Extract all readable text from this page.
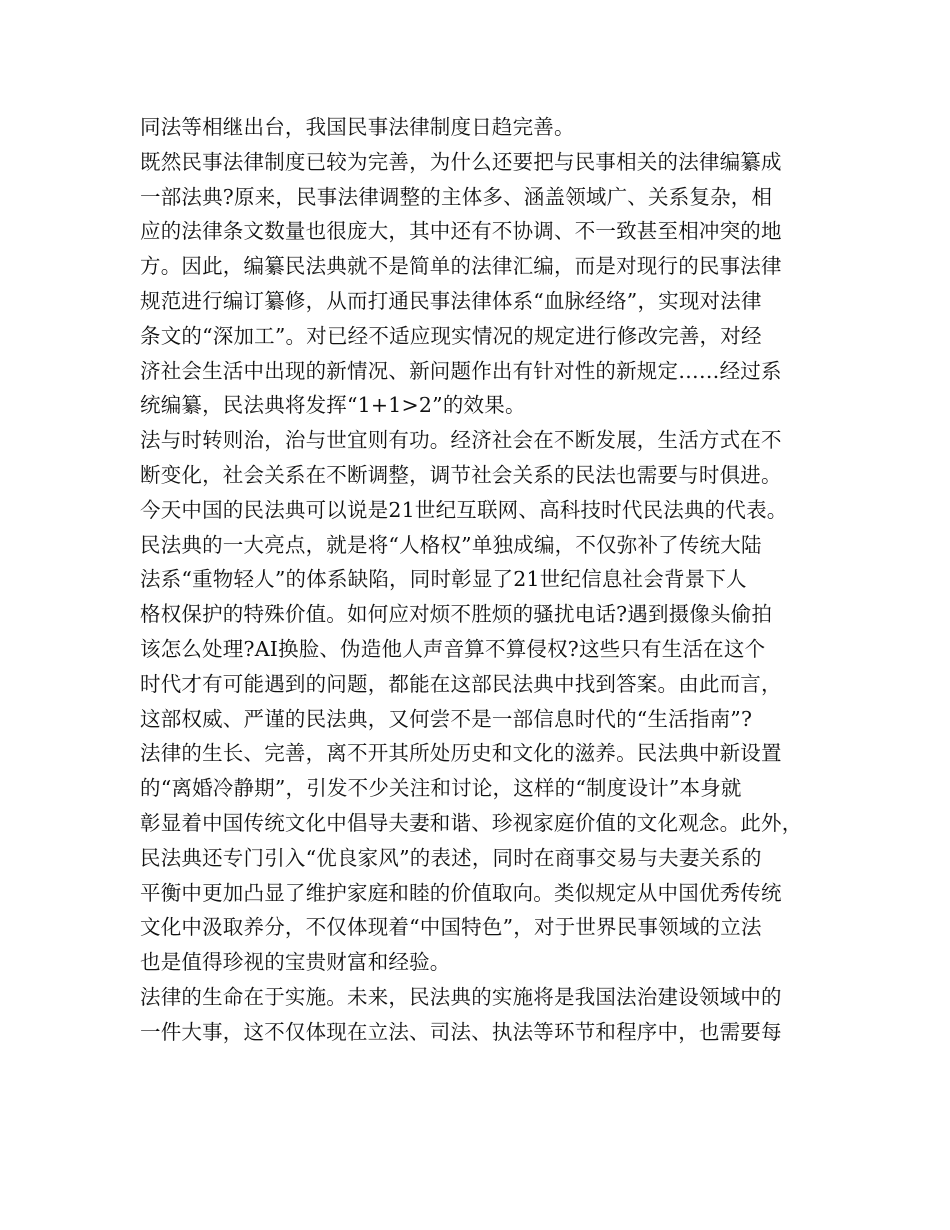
同法等相继出台，我国民事法律制度日趋完善。
既然民事法律制度已较为完善，为什么还要把与民事相关的法律编纂成
一部法典?原来，民事法律调整的主体多、涵盖领域广、关系复杂，相
应的法律条文数量也很庞大，其中还有不协调、不一致甚至相冲突的地
方。因此，编纂民法典就不是简单的法律汇编，而是对现行的民事法律
规范进行编订纂修，从而打通民事法律体系“血脉经络”，实现对法律
条文的“深加工”。对已经不适应现实情况的规定进行修改完善，对经
济社会生活中出现的新情况、新问题作出有针对性的新规定……经过系
统编纂，民法典将发挥“1+1>2”的效果。
法与时转则治，治与世宜则有功。经济社会在不断发展，生活方式在不
断变化，社会关系在不断调整，调节社会关系的民法也需要与时俱进。
今天中国的民法典可以说是21世纪互联网、高科技时代民法典的代表。
民法典的一大亮点，就是将“人格权”单独成编，不仅弥补了传统大陆
法系“重物轻人”的体系缺陷，同时彰显了21世纪信息社会背景下人
格权保护的特殊价值。如何应对烦不胜烦的骚扰电话?遇到摄像头偷拍
该怎么处理?AI换脸、伪造他人声音算不算侵权?这些只有生活在这个
时代才有可能遇到的问题，都能在这部民法典中找到答案。由此而言，
这部权威、严谨的民法典，又何尝不是一部信息时代的“生活指南”?
法律的生长、完善，离不开其所处历史和文化的滋养。民法典中新设置
的“离婚冷静期”，引发不少关注和讨论，这样的“制度设计”本身就
彰显着中国传统文化中倡导夫妻和谐、珍视家庭价值的文化观念。此外，
民法典还专门引入“优良家风”的表述，同时在商事交易与夫妻关系的
平衡中更加凸显了维护家庭和睦的价值取向。类似规定从中国优秀传统
文化中汲取养分，不仅体现着“中国特色”，对于世界民事领域的立法
也是值得珍视的宝贵财富和经验。
法律的生命在于实施。未来，民法典的实施将是我国法治建设领域中的
一件大事，这不仅体现在立法、司法、执法等环节和程序中，也需要每
